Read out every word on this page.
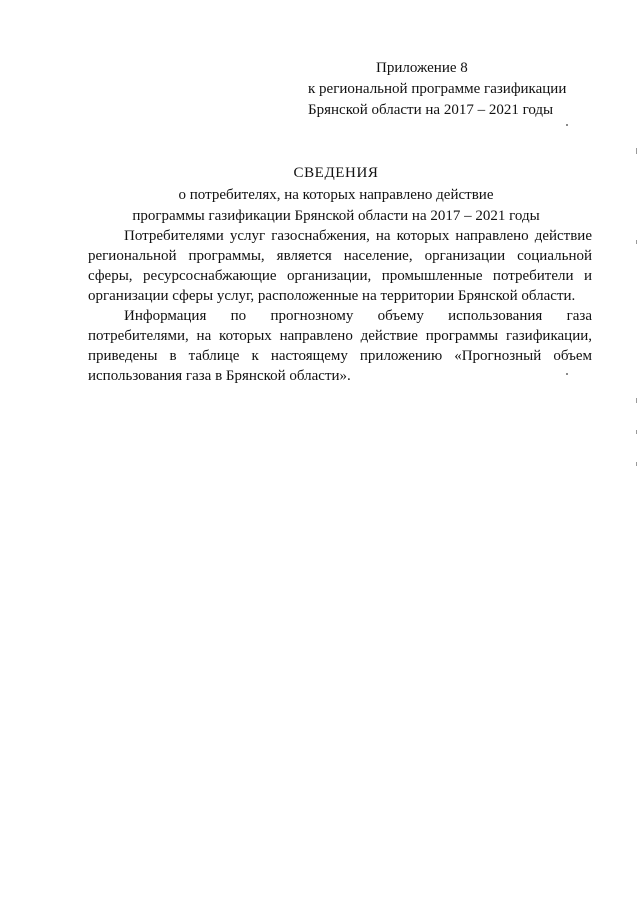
Приложение 8
к региональной программе газификации
Брянской области на 2017 – 2021 годы
СВЕДЕНИЯ
о потребителях, на которых направлено действие
программы газификации Брянской области на 2017 – 2021 годы

Потребителями услуг газоснабжения, на которых направлено действие региональной программы, является население, организации социальной сферы, ресурсоснабжающие организации, промышленные потребители и организации сферы услуг, расположенные на территории Брянской области.

Информация по прогнозному объему использования газа потребителями, на которых направлено действие программы газификации, приведены в таблице к настоящему приложению «Прогнозный объем использования газа в Брянской области».
